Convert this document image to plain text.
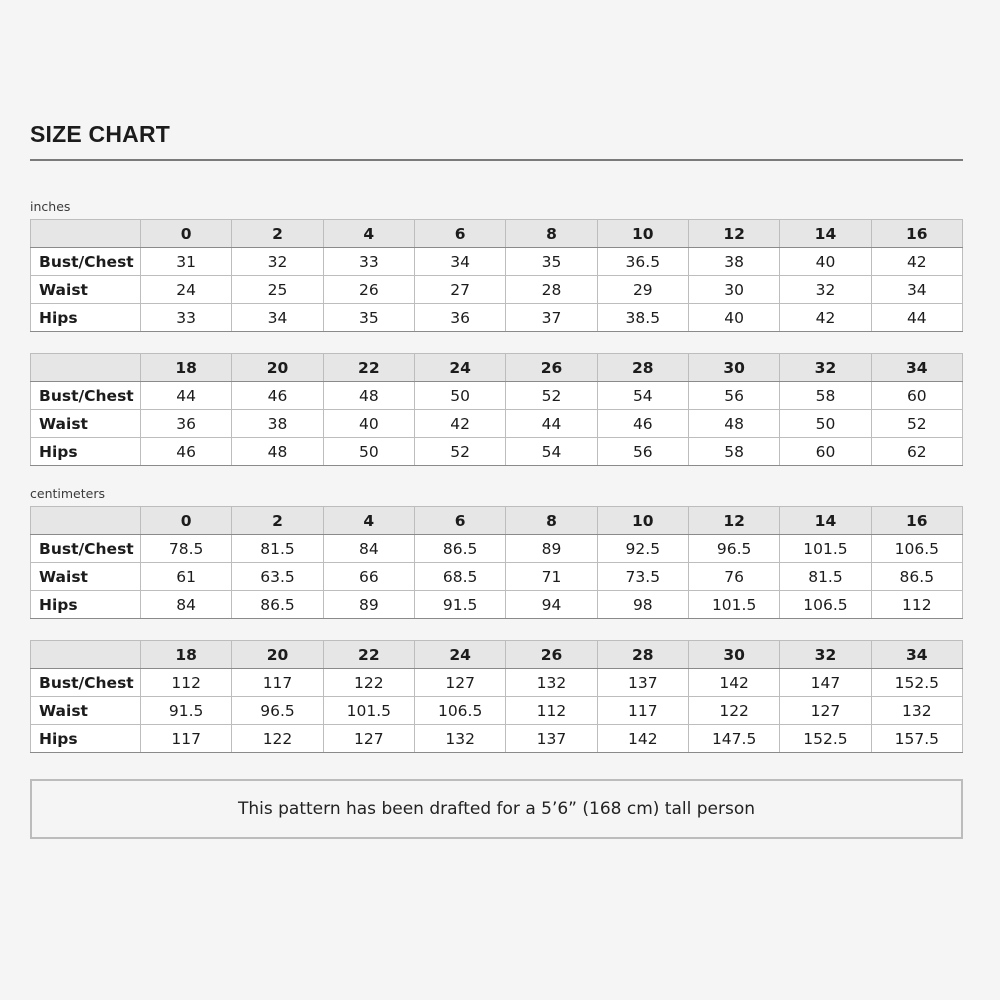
SIZE CHART
inches
	0	2	4	6	8	10	12	14	16
Bust/Chest	31	32	33	34	35	36.5	38	40	42
Waist	24	25	26	27	28	29	30	32	34
Hips	33	34	35	36	37	38.5	40	42	44
	18	20	22	24	26	28	30	32	34
Bust/Chest	44	46	48	50	52	54	56	58	60
Waist	36	38	40	42	44	46	48	50	52
Hips	46	48	50	52	54	56	58	60	62
centimeters
	0	2	4	6	8	10	12	14	16
Bust/Chest	78.5	81.5	84	86.5	89	92.5	96.5	101.5	106.5
Waist	61	63.5	66	68.5	71	73.5	76	81.5	86.5
Hips	84	86.5	89	91.5	94	98	101.5	106.5	112
	18	20	22	24	26	28	30	32	34
Bust/Chest	112	117	122	127	132	137	142	147	152.5
Waist	91.5	96.5	101.5	106.5	112	117	122	127	132
Hips	117	122	127	132	137	142	147.5	152.5	157.5
This pattern has been drafted for a 5’6” (168 cm) tall person
